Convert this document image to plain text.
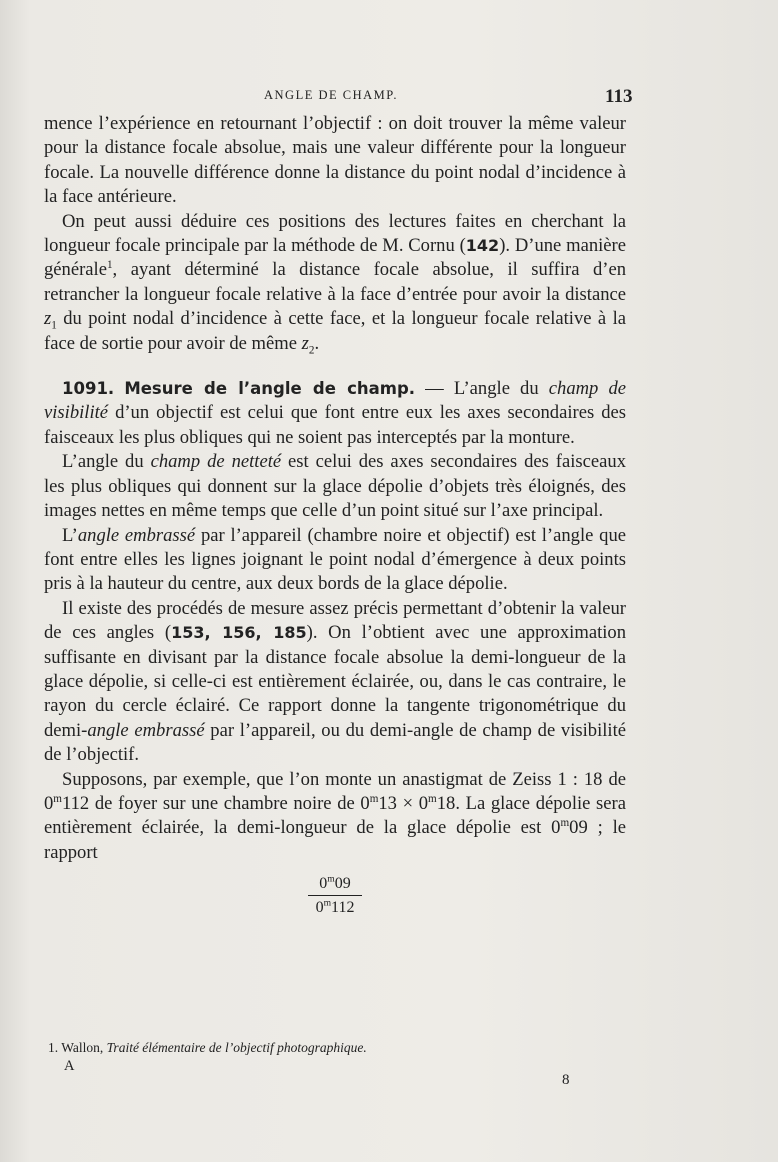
ANGLE DE CHAMP.	113

mence l’expérience en retournant l’objectif : on doit trouver la même valeur pour la distance focale absolue, mais une valeur différente pour la longueur focale. La nouvelle différence donne la distance du point nodal d’incidence à la face antérieure.

On peut aussi déduire ces positions des lectures faites en cherchant la longueur focale principale par la méthode de M. Cornu (142). D’une manière générale$^1$, ayant déterminé la distance focale absolue, il suffira d’en retrancher la longueur focale relative à la face d’entrée pour avoir la distance $z_1$ du point nodal d’incidence à cette face, et la longueur focale relative à la face de sortie pour avoir de même $z_2$.

1091. Mesure de l’angle de champ. — L’angle du champ de visibilité d’un objectif est celui que font entre eux les axes secondaires des faisceaux les plus obliques qui ne soient pas interceptés par la monture.

L’angle du champ de netteté est celui des axes secondaires des faisceaux les plus obliques qui donnent sur la glace dépolie d’objets très éloignés, des images nettes en même temps que celle d’un point situé sur l’axe principal.

L’angle embrassé par l’appareil (chambre noire et objectif) est l’angle que font entre elles les lignes joignant le point nodal d’émergence à deux points pris à la hauteur du centre, aux deux bords de la glace dépolie.

Il existe des procédés de mesure assez précis permettant d’obtenir la valeur de ces angles (153, 156, 185). On l’obtient avec une approximation suffisante en divisant par la distance focale absolue la demi-longueur de la glace dépolie, si celle-ci est entièrement éclairée, ou, dans le cas contraire, le rayon du cercle éclairé. Ce rapport donne la tangente trigonométrique du demi-angle embrassé par l’appareil, ou du demi-angle de champ de visibilité de l’objectif.

Supposons, par exemple, que l’on monte un anastigmat de Zeiss 1 : 18 de 0$^m$112 de foyer sur une chambre noire de $0^m13 \times 0^m18$. La glace dépolie sera entièrement éclairée, la demi-longueur de la glace dépolie est 0$^m$09 ; le rapport

0$^m$09
0$^m$112
1. Wallon, Traité élémentaire de l’objectif photographique.
A
8
